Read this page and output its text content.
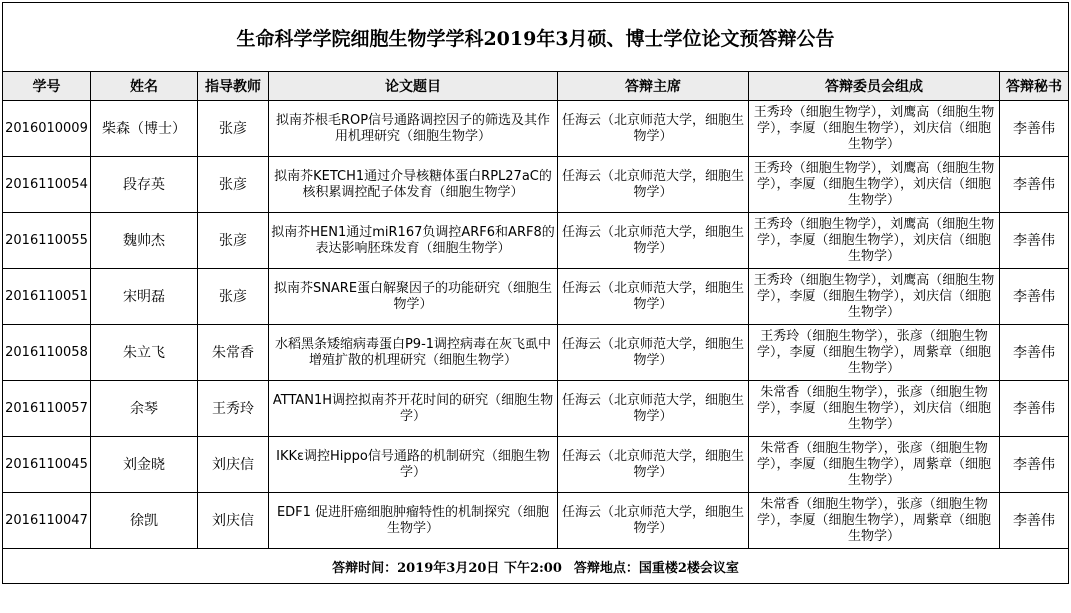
生命科学学院细胞生物学学科2019年3月硕、博士学位论文预答辩公告						
学号	姓名	指导教师	论文题目	答辩主席	答辩委员会组成	答辩秘书
2016010009	柴森（博士）	张彦	拟南芥根毛ROP信号通路调控因子的筛选及其作用机理研究（细胞生物学）	任海云（北京师范大学，细胞生物学）	王秀玲（细胞生物学），刘鹰高（细胞生物学），李厦（细胞生物学），刘庆信（细胞生物学）	李善伟
2016110054	段存英	张彦	拟南芥KETCH1通过介导核糖体蛋白RPL27aC的核积累调控配子体发育（细胞生物学）	任海云（北京师范大学，细胞生物学）	王秀玲（细胞生物学），刘鹰高（细胞生物学），李厦（细胞生物学），刘庆信（细胞生物学）	李善伟
2016110055	魏帅杰	张彦	拟南芥HEN1通过miR167负调控ARF6和ARF8的表达影响胚珠发育（细胞生物学）	任海云（北京师范大学，细胞生物学）	王秀玲（细胞生物学），刘鹰高（细胞生物学），李厦（细胞生物学），刘庆信（细胞生物学）	李善伟
2016110051	宋明磊	张彦	拟南芥SNARE蛋白解聚因子的功能研究（细胞生物学）	任海云（北京师范大学，细胞生物学）	王秀玲（细胞生物学），刘鹰高（细胞生物学），李厦（细胞生物学），刘庆信（细胞生物学）	李善伟
2016110058	朱立飞	朱常香	水稻黑条矮缩病毒蛋白P9-1调控病毒在灰飞虱中增殖扩散的机理研究（细胞生物学）	任海云（北京师范大学，细胞生物学）	王秀玲（细胞生物学），张彦（细胞生物学），李厦（细胞生物学），周紫章（细胞生物学）	李善伟
2016110057	余琴	王秀玲	ATTAN1H调控拟南芥开花时间的研究（细胞生物学）	任海云（北京师范大学，细胞生物学）	朱常香（细胞生物学），张彦（细胞生物学），李厦（细胞生物学），刘庆信（细胞生物学）	李善伟
2016110045	刘金晓	刘庆信	IKKε调控Hippo信号通路的机制研究（细胞生物学）	任海云（北京师范大学，细胞生物学）	朱常香（细胞生物学），张彦（细胞生物学），李厦（细胞生物学），周紫章（细胞生物学）	李善伟
2016110047	徐凯	刘庆信	EDF1 促进肝癌细胞肿瘤特性的机制探究（细胞生物学）	任海云（北京师范大学，细胞生物学）	朱常香（细胞生物学），张彦（细胞生物学），李厦（细胞生物学），周紫章（细胞生物学）	李善伟
答辩时间：2019年3月20日 下午2:00 答辩地点：国重楼2楼会议室						
